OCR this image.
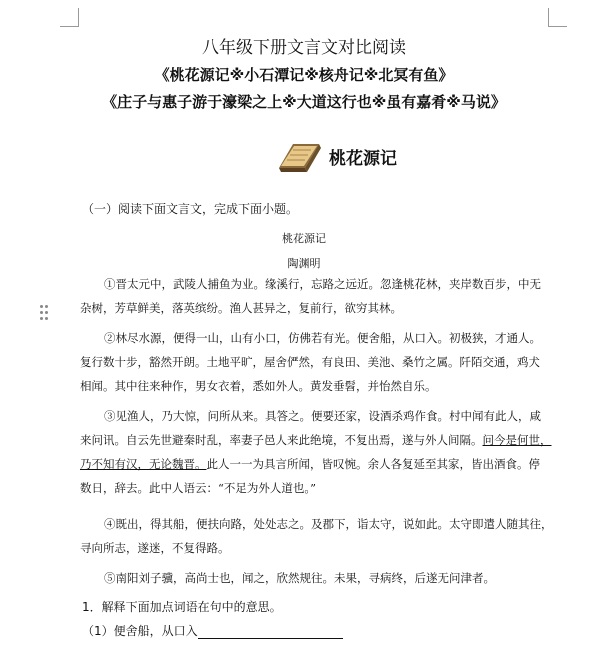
八年级下册文言文对比阅读
《桃花源记※小石潭记※核舟记※北冥有鱼》
《庄子与惠子游于濠梁之上※大道这行也※虽有嘉肴※马说》
桃花源记
（一）阅读下面文言文，完成下面小题。
桃花源记
陶渊明
①晋太元中，武陵人捕鱼为业。缘溪行，忘路之远近。忽逢桃花林，夹岸数百步，中无
杂树，芳草鲜美，落英缤纷。渔人甚异之，复前行，欲穷其林。
②林尽水源，便得一山，山有小口，仿佛若有光。便舍船，从口入。初极狭，才通人。
复行数十步，豁然开朗。土地平旷，屋舍俨然，有良田、美池、桑竹之属。阡陌交通，鸡犬
相闻。其中往来种作，男女衣着，悉如外人。黄发垂髫，并怡然自乐。
③见渔人，乃大惊，问所从来。具答之。便要还家，设酒杀鸡作食。村中闻有此人，咸
来问讯。自云先世避秦时乱，率妻子邑人来此绝境，不复出焉，遂与外人间隔。问今是何世，
乃不知有汉，无论魏晋。此人一一为具言所闻，皆叹惋。余人各复延至其家，皆出酒食。停
数日，辞去。此中人语云：“不足为外人道也。”
④既出，得其船，便扶向路，处处志之。及郡下，诣太守，说如此。太守即遣人随其往，
寻向所志，遂迷，不复得路。
⑤南阳刘子骥，高尚士也，闻之，欣然规往。未果，寻病终，后遂无问津者。
1．解释下面加点词语在句中的意思。
（1）便舍船，从口入
